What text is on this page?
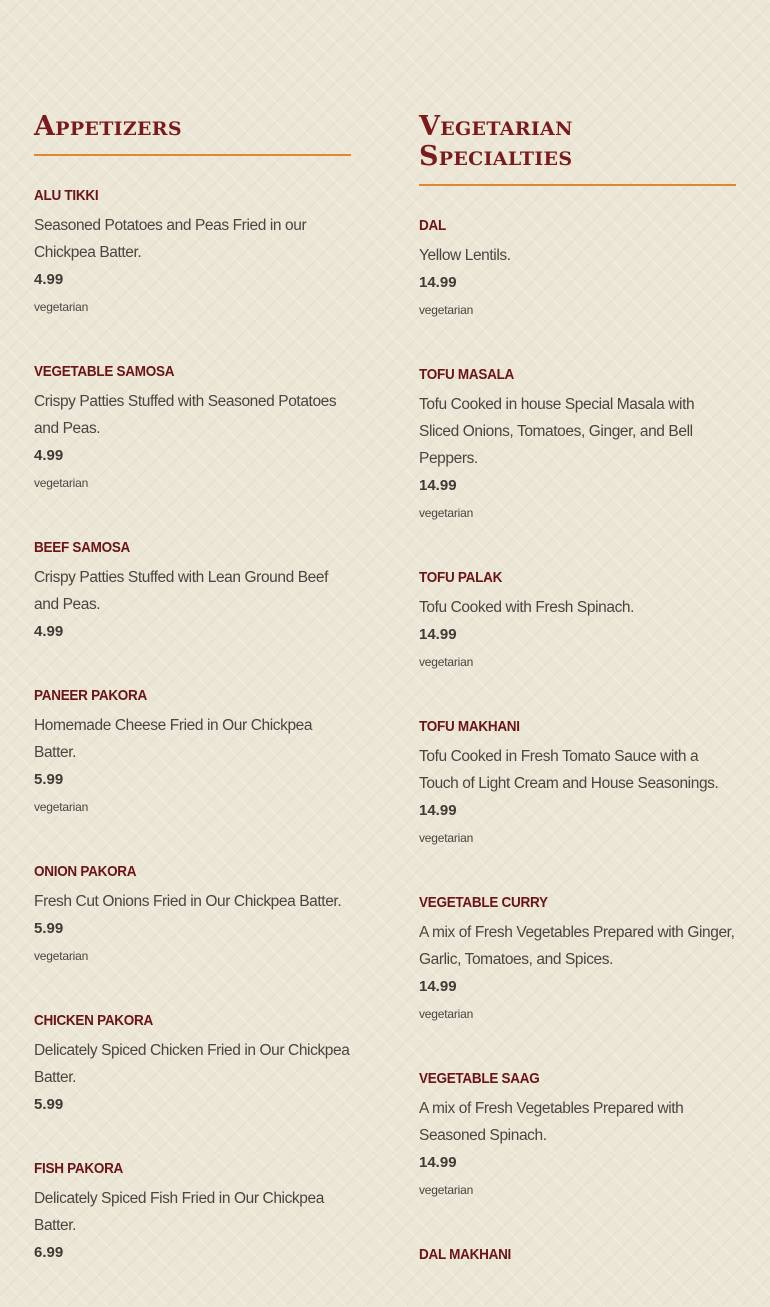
Appetizers
ALU TIKKI
Seasoned Potatoes and Peas Fried in our Chickpea Batter.
4.99
vegetarian
VEGETABLE SAMOSA
Crispy Patties Stuffed with Seasoned Potatoes and Peas.
4.99
vegetarian
BEEF SAMOSA
Crispy Patties Stuffed with Lean Ground Beef and Peas.
4.99
PANEER PAKORA
Homemade Cheese Fried in Our Chickpea Batter.
5.99
vegetarian
ONION PAKORA
Fresh Cut Onions Fried in Our Chickpea Batter.
5.99
vegetarian
CHICKEN PAKORA
Delicately Spiced Chicken Fried in Our Chickpea Batter.
5.99
FISH PAKORA
Delicately Spiced Fish Fried in Our Chickpea Batter.
6.99
Vegetarian Specialties
DAL
Yellow Lentils.
14.99
vegetarian
TOFU MASALA
Tofu Cooked in house Special Masala with Sliced Onions, Tomatoes, Ginger, and Bell Peppers.
14.99
vegetarian
TOFU PALAK
Tofu Cooked with Fresh Spinach.
14.99
vegetarian
TOFU MAKHANI
Tofu Cooked in Fresh Tomato Sauce with a Touch of Light Cream and House Seasonings.
14.99
vegetarian
VEGETABLE CURRY
A mix of Fresh Vegetables Prepared with Ginger, Garlic, Tomatoes, and Spices.
14.99
vegetarian
VEGETABLE SAAG
A mix of Fresh Vegetables Prepared with Seasoned Spinach.
14.99
vegetarian
DAL MAKHANI
